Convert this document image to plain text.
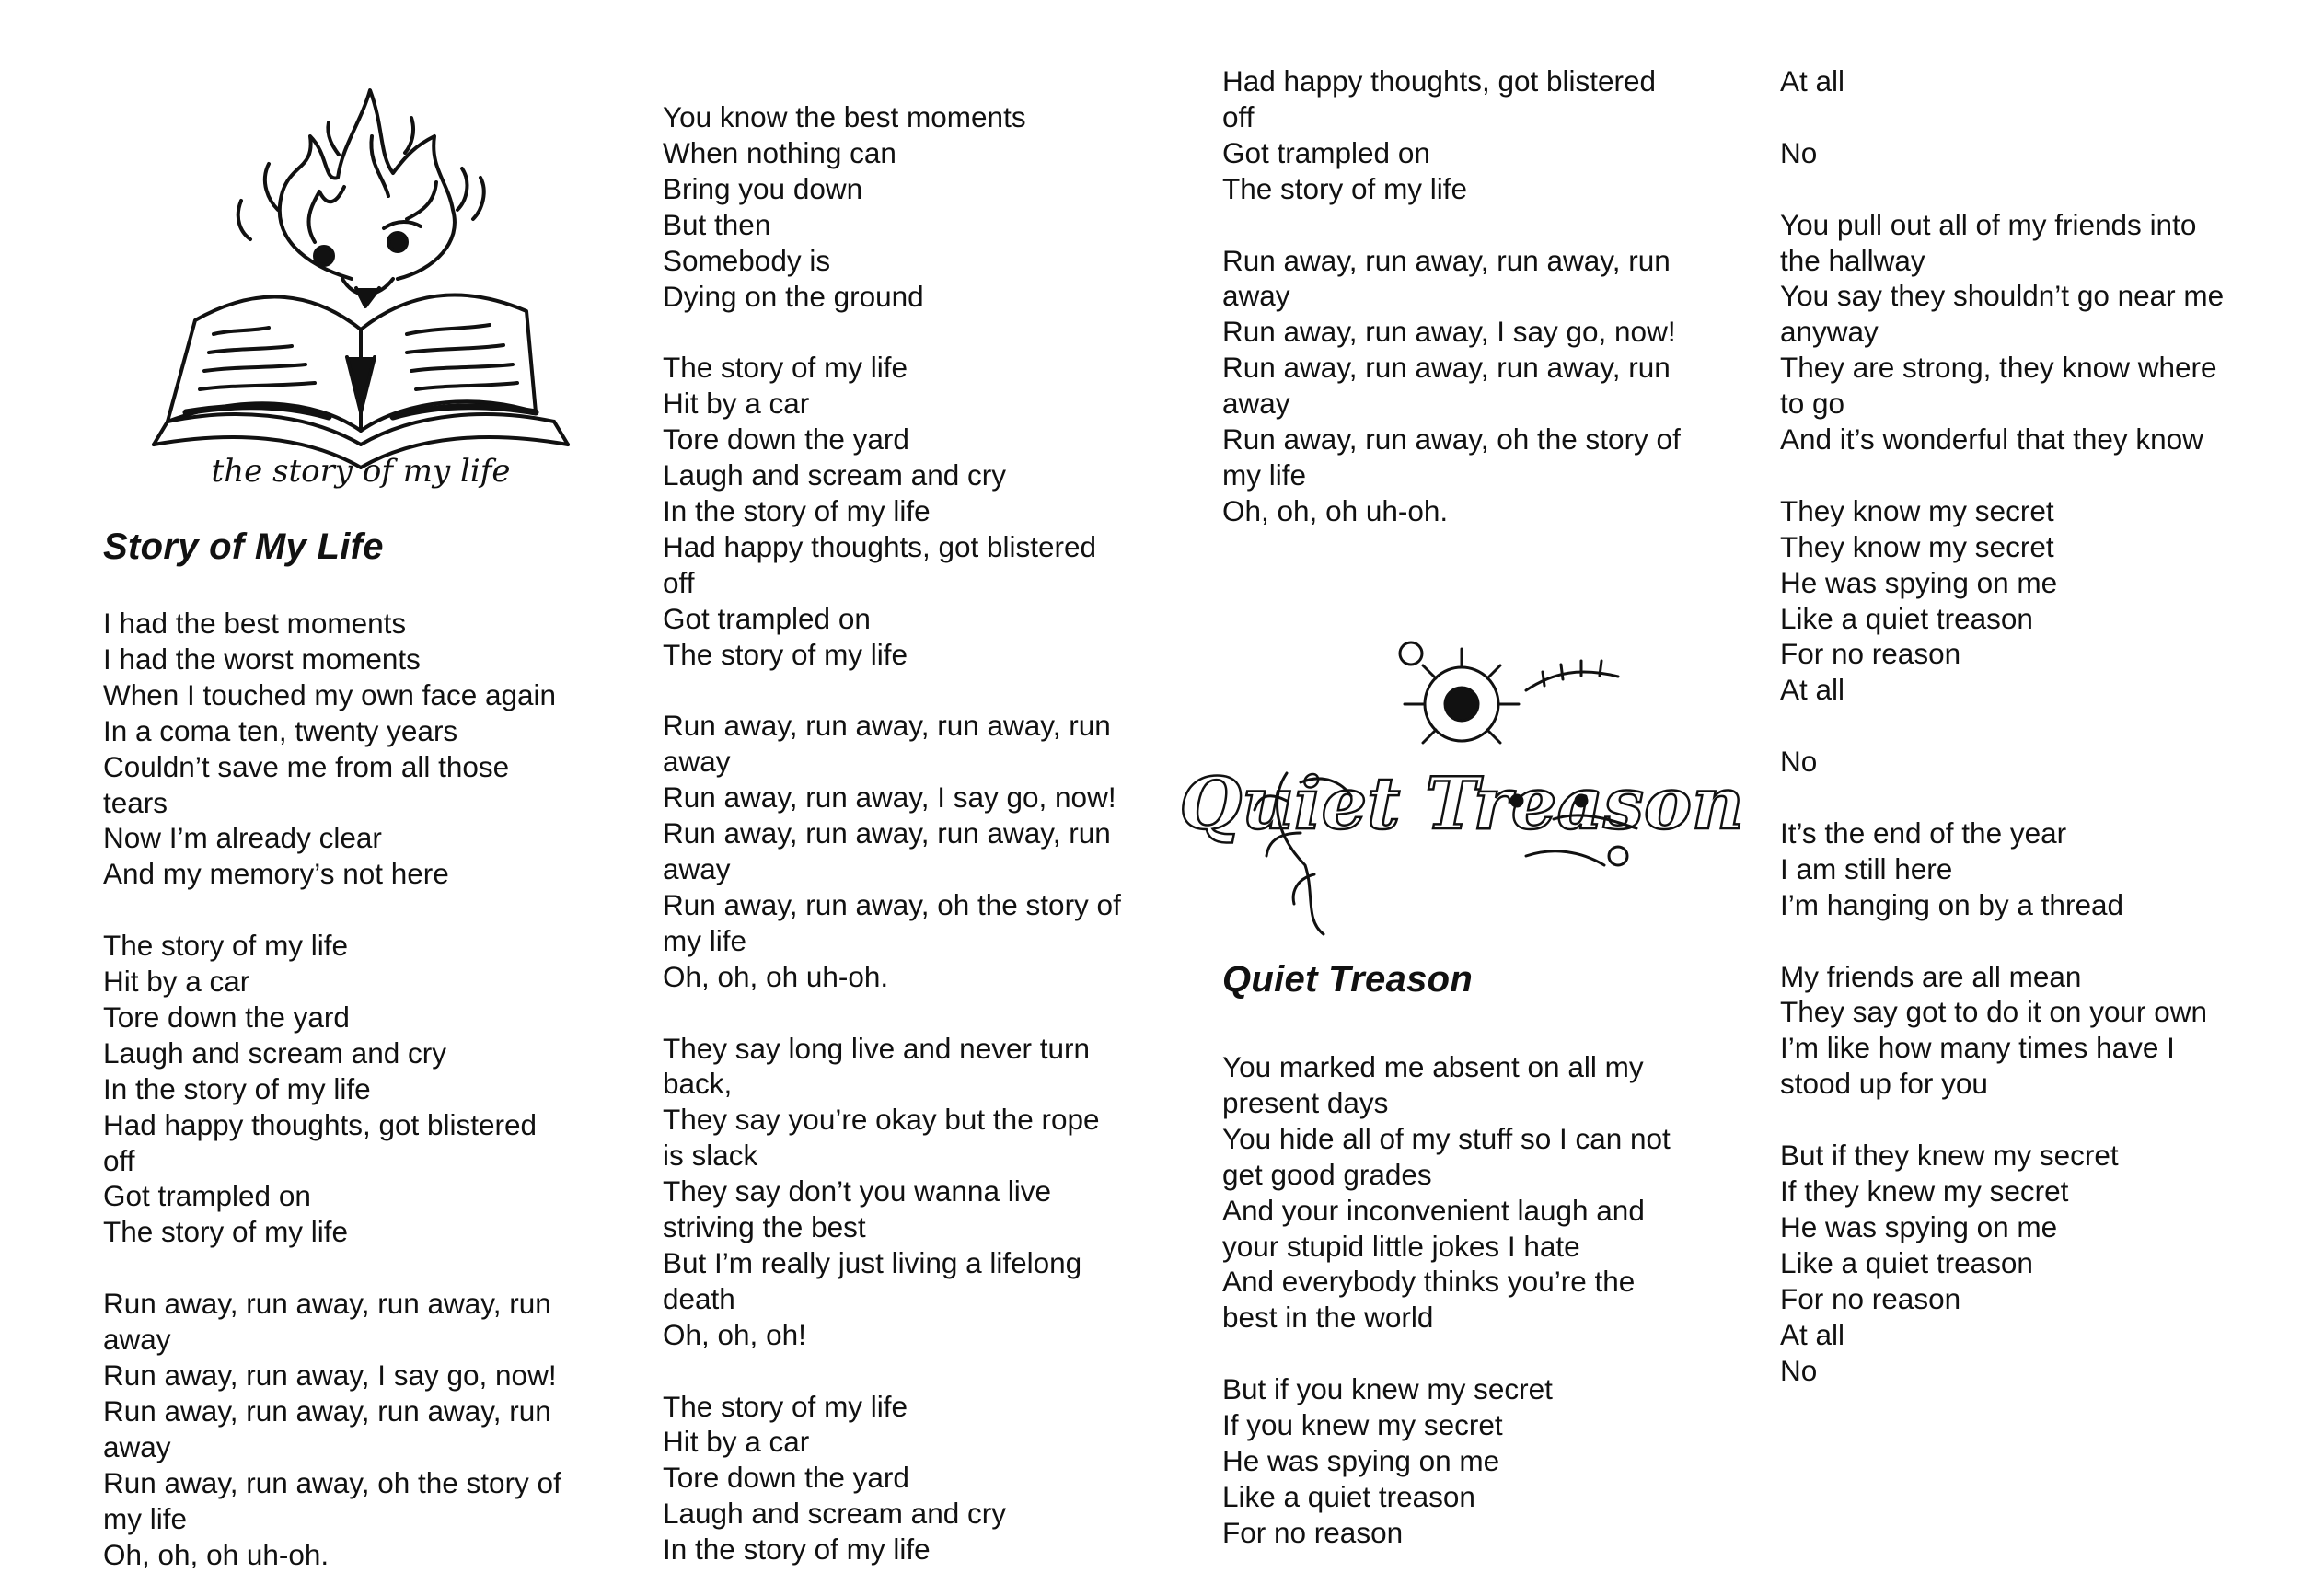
the story of my life
Story of My Life
I had the best moments
I had the worst moments
When I touched my own face again
In a coma ten, twenty years
Couldn’t save me from all those
tears
Now I’m already clear
And my memory’s not here
The story of my life
Hit by a car
Tore down the yard
Laugh and scream and cry
In the story of my life
Had happy thoughts, got blistered
off
Got trampled on
The story of my life
Run away, run away, run away, run
away
Run away, run away, I say go, now!
Run away, run away, run away, run
away
Run away, run away, oh the story of
my life
Oh, oh, oh uh-oh.
You know the best moments
When nothing can
Bring you down
But then
Somebody is
Dying on the ground
The story of my life
Hit by a car
Tore down the yard
Laugh and scream and cry
In the story of my life
Had happy thoughts, got blistered
off
Got trampled on
The story of my life
Run away, run away, run away, run
away
Run away, run away, I say go, now!
Run away, run away, run away, run
away
Run away, run away, oh the story of
my life
Oh, oh, oh uh-oh.
They say long live and never turn
back,
They say you’re okay but the rope
is slack
They say don’t you wanna live
striving the best
But I’m really just living a lifelong
death
Oh, oh, oh!
The story of my life
Hit by a car
Tore down the yard
Laugh and scream and cry
In the story of my life
Had happy thoughts, got blistered
off
Got trampled on
The story of my life
Run away, run away, run away, run
away
Run away, run away, I say go, now!
Run away, run away, run away, run
away
Run away, run away, oh the story of
my life
Oh, oh, oh uh-oh.
Quiet Treason
Quiet Treason
You marked me absent on all my
present days
You hide all of my stuff so I can not
get good grades
And your inconvenient laugh and
your stupid little jokes I hate
And everybody thinks you’re the
best in the world
But if you knew my secret
If you knew my secret
He was spying on me
Like a quiet treason
For no reason
At all
No
You pull out all of my friends into
the hallway
You say they shouldn’t go near me
anyway
They are strong, they know where
to go
And it’s wonderful that they know
They know my secret
They know my secret
He was spying on me
Like a quiet treason
For no reason
At all
No
It’s the end of the year
I am still here
I’m hanging on by a thread
My friends are all mean
They say got to do it on your own
I’m like how many times have I
stood up for you
But if they knew my secret
If they knew my secret
He was spying on me
Like a quiet treason
For no reason
At all
No
